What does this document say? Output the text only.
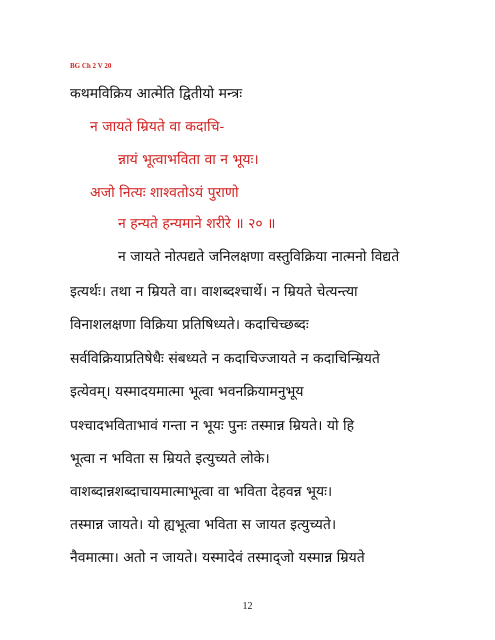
BG Ch 2 V 20
कथमविक्रिय आत्मेति द्वितीयो मन्त्रः
न जायते म्रियते वा कदाचि-
न्नायं भूत्वाभविता वा न भूयः।
अजो नित्यः शाश्वतोऽयं पुराणो
न हन्यते हन्यमाने शरीरे ॥ २० ॥
न जायते नोत्पद्यते जनिलक्षणा वस्तुविक्रिया नात्मनो विद्यते
इत्यर्थः। तथा न म्रियते वा। वाशब्दश्चार्थे। न म्रियते चेत्यन्त्या
विनाशलक्षणा विक्रिया प्रतिषिध्यते। कदाचिच्छब्दः
सर्वविक्रियाप्रतिषेधैः संबध्यते न कदाचिज्जायते न कदाचिन्म्रियते
इत्येवम्। यस्मादयमात्मा भूत्वा भवनक्रियामनुभूय
पश्चादभविताभावं गन्ता न भूयः पुनः तस्मान्न म्रियते। यो हि
भूत्वा न भविता स म्रियते इत्युच्यते लोके।
वाशब्दान्नशब्दाचायमात्माभूत्वा वा भविता देहवन्न भूयः।
तस्मान्न जायते। यो ह्यभूत्वा भविता स जायत इत्युच्यते।
नैवमात्मा। अतो न जायते। यस्मादेवं तस्माद्जो यस्मान्न म्रियते
12
